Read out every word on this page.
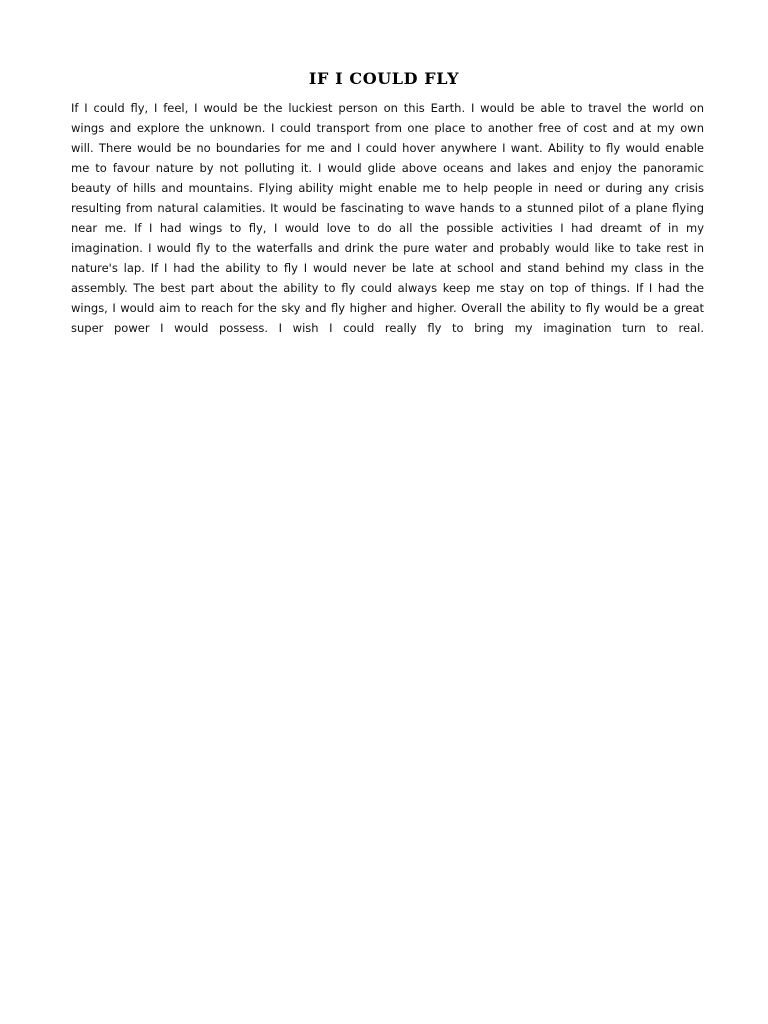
IF I COULD FLY
If I could fly, I feel, I would be the luckiest person on this Earth. I would be able to travel the world on
wings and explore the unknown. I could transport from one place to another free of cost and at my own
will. There would be no boundaries for me and I could hover anywhere I want. Ability to fly would enable
me to favour nature by not polluting it. I would glide above oceans and lakes and enjoy the panoramic
beauty of hills and mountains. Flying ability might enable me to help people in need or during any crisis
resulting from natural calamities. It would be fascinating to wave hands to a stunned pilot of a plane flying
near me. If I had wings to fly, I would love to do all the possible activities I had dreamt of in my
imagination. I would fly to the waterfalls and drink the pure water and probably would like to take rest in
nature's lap. If I had the ability to fly I would never be late at school and stand behind my class in the
assembly. The best part about the ability to fly could always keep me stay on top of things. If I had the
wings, I would aim to reach for the sky and fly higher and higher. Overall the ability to fly would be a great
super power I would possess. I wish I could really fly to bring my imagination turn to real.
